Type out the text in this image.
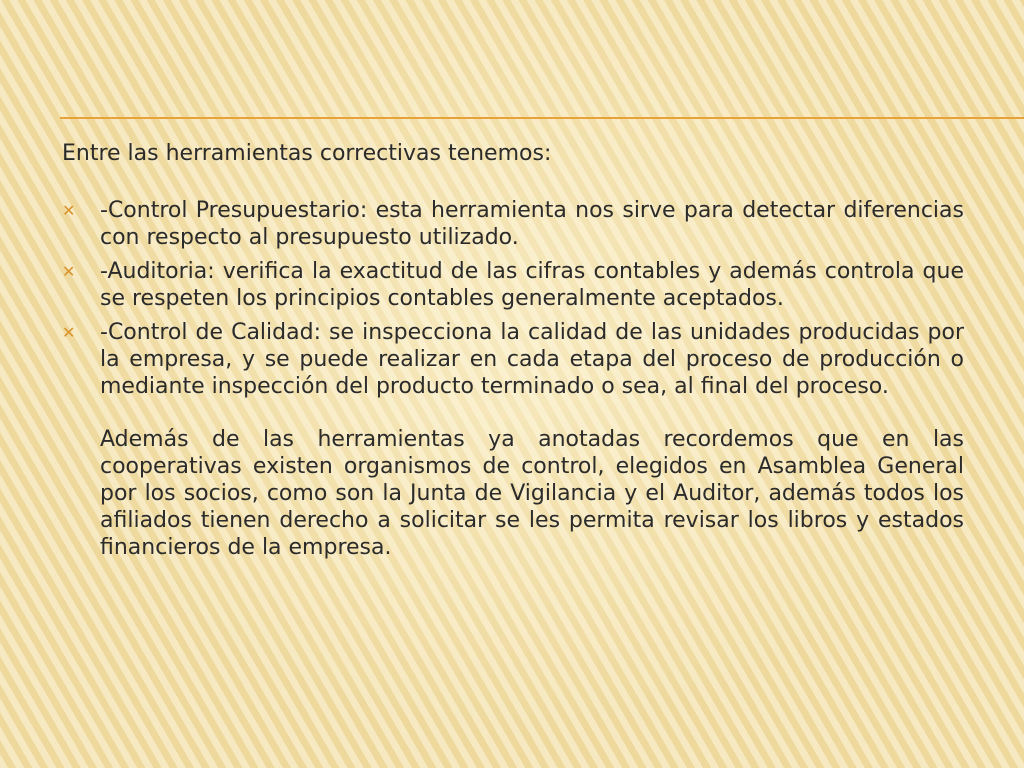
Entre las herramientas correctivas tenemos:

✕ -Control Presupuestario: esta herramienta nos sirve para detectar diferencias con respecto al presupuesto utilizado.
✕ -Auditoria: verifica la exactitud de las cifras contables y además controla que se respeten los principios contables generalmente aceptados.
✕ -Control de Calidad: se inspecciona la calidad de las unidades producidas por la empresa, y se puede realizar en cada etapa del proceso de producción o mediante inspección del producto terminado o sea, al final del proceso.

Además de las herramientas ya anotadas recordemos que en las cooperativas existen organismos de control, elegidos en Asamblea General por los socios, como son la Junta de Vigilancia y el Auditor, además todos los afiliados tienen derecho a solicitar se les permita revisar los libros y estados financieros de la empresa.
